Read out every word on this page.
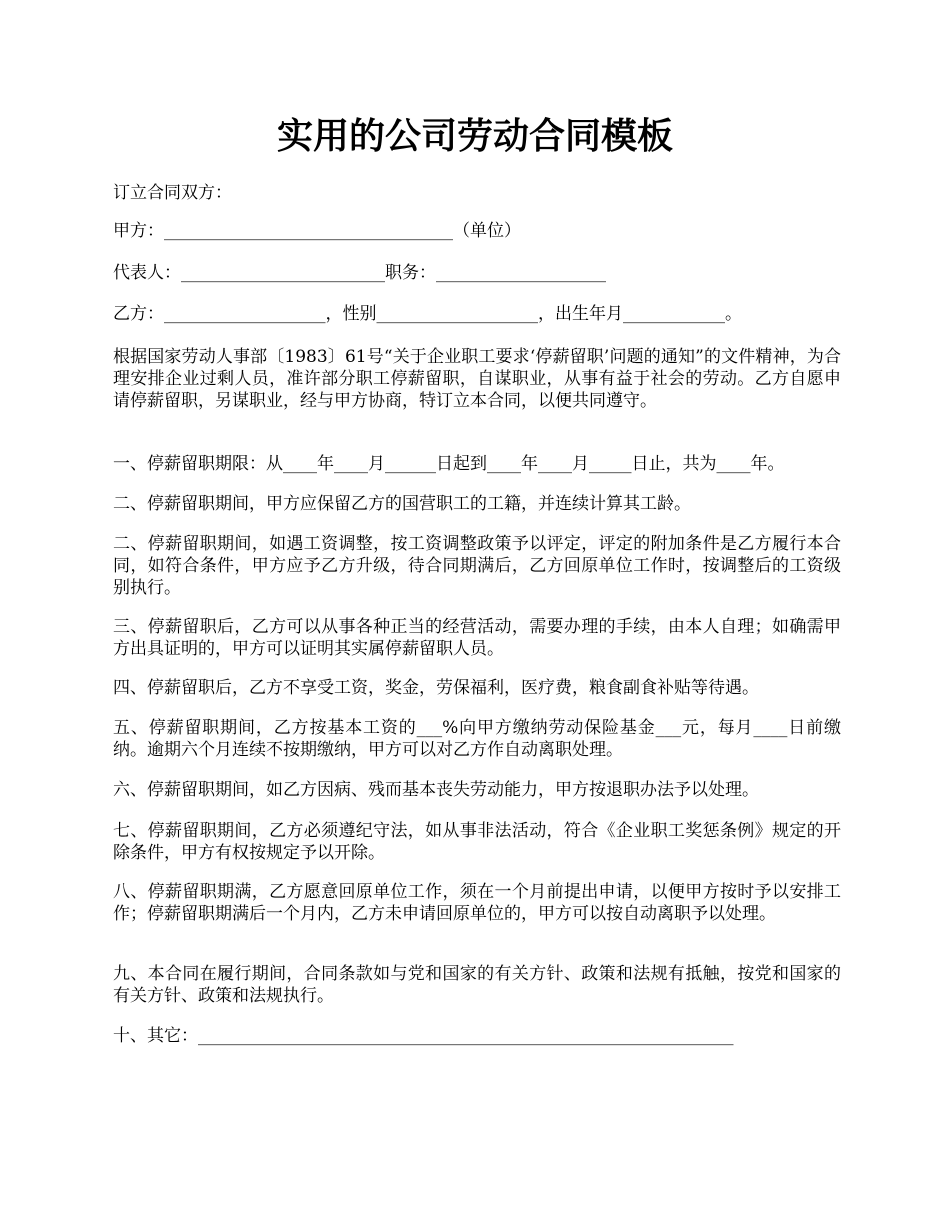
实用的公司劳动合同模板

订立合同双方：

甲方：__________________________________（单位）

代表人：________________________职务：____________________

乙方：___________________，性别___________________，出生年月____________。

根据国家劳动人事部〔1983〕61号“关于企业职工要求‘停薪留职’问题的通知”的文件精神，为合理安排企业过剩人员，准许部分职工停薪留职，自谋职业，从事有益于社会的劳动。乙方自愿申请停薪留职，另谋职业，经与甲方协商，特订立本合同，以便共同遵守。

一、停薪留职期限：从____年____月______日起到____年____月_____日止，共为____年。

二、停薪留职期间，甲方应保留乙方的国营职工的工籍，并连续计算其工龄。

二、停薪留职期间，如遇工资调整，按工资调整政策予以评定，评定的附加条件是乙方履行本合同，如符合条件，甲方应予乙方升级，待合同期满后，乙方回原单位工作时，按调整后的工资级别执行。

三、停薪留职后，乙方可以从事各种正当的经营活动，需要办理的手续，由本人自理；如确需甲方出具证明的，甲方可以证明其实属停薪留职人员。

四、停薪留职后，乙方不享受工资，奖金，劳保福利，医疗费，粮食副食补贴等待遇。

五、停薪留职期间，乙方按基本工资的___%向甲方缴纳劳动保险基金___元，每月____日前缴纳。逾期六个月连续不按期缴纳，甲方可以对乙方作自动离职处理。

六、停薪留职期间，如乙方因病、残而基本丧失劳动能力，甲方按退职办法予以处理。

七、停薪留职期间，乙方必须遵纪守法，如从事非法活动，符合《企业职工奖惩条例》规定的开除条件，甲方有权按规定予以开除。

八、停薪留职期满，乙方愿意回原单位工作，须在一个月前提出申请，以便甲方按时予以安排工作；停薪留职期满后一个月内，乙方未申请回原单位的，甲方可以按自动离职予以处理。

九、本合同在履行期间，合同条款如与党和国家的有关方针、政策和法规有抵触，按党和国家的有关方针、政策和法规执行。

十、其它：_______________________________________________________________
